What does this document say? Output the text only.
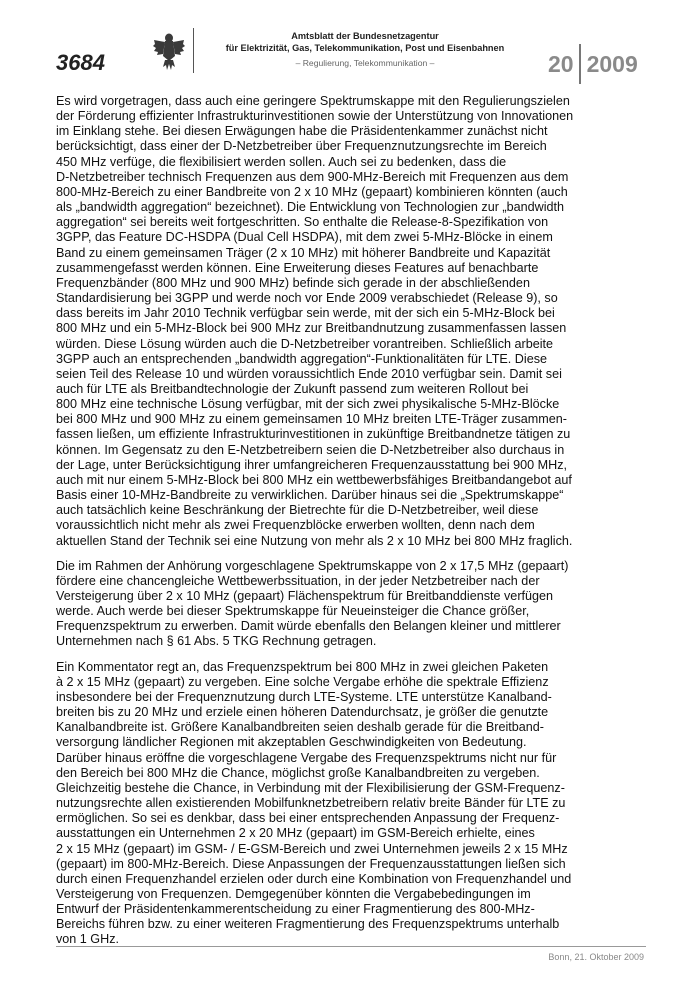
3684
Amtsblatt der Bundesnetzagentur
für Elektrizität, Gas, Telekommunikation, Post und Eisenbahnen
– Regulierung, Telekommunikation –	20 2009

Es wird vorgetragen, dass auch eine geringere Spektrumskappe mit den Regulierungszielen
der Förderung effizienter Infrastrukturinvestitionen sowie der Unterstützung von Innovationen
im Einklang stehe. Bei diesen Erwägungen habe die Präsidentenkammer zunächst nicht
berücksichtigt, dass einer der D-Netzbetreiber über Frequenznutzungsrechte im Bereich
450 MHz verfüge, die flexibilisiert werden sollen. Auch sei zu bedenken, dass die
D-Netzbetreiber technisch Frequenzen aus dem 900-MHz-Bereich mit Frequenzen aus dem
800-MHz-Bereich zu einer Bandbreite von 2 x 10 MHz (gepaart) kombinieren könnten (auch
als „bandwidth aggregation“ bezeichnet). Die Entwicklung von Technologien zur „bandwidth
aggregation“ sei bereits weit fortgeschritten. So enthalte die Release-8-Spezifikation von
3GPP, das Feature DC-HSDPA (Dual Cell HSDPA), mit dem zwei 5-MHz-Blöcke in einem
Band zu einem gemeinsamen Träger (2 x 10 MHz) mit höherer Bandbreite und Kapazität
zusammengefasst werden können. Eine Erweiterung dieses Features auf benachbarte
Frequenzbänder (800 MHz und 900 MHz) befinde sich gerade in der abschließenden
Standardisierung bei 3GPP und werde noch vor Ende 2009 verabschiedet (Release 9), so
dass bereits im Jahr 2010 Technik verfügbar sein werde, mit der sich ein 5-MHz-Block bei
800 MHz und ein 5-MHz-Block bei 900 MHz zur Breitbandnutzung zusammenfassen lassen
würden. Diese Lösung würden auch die D-Netzbetreiber vorantreiben. Schließlich arbeite
3GPP auch an entsprechenden „bandwidth aggregation“-Funktionalitäten für LTE. Diese
seien Teil des Release 10 und würden voraussichtlich Ende 2010 verfügbar sein. Damit sei
auch für LTE als Breitbandtechnologie der Zukunft passend zum weiteren Rollout bei
800 MHz eine technische Lösung verfügbar, mit der sich zwei physikalische 5-MHz-Blöcke
bei 800 MHz und 900 MHz zu einem gemeinsamen 10 MHz breiten LTE-Träger zusammen-
fassen ließen, um effiziente Infrastrukturinvestitionen in zukünftige Breitbandnetze tätigen zu
können. Im Gegensatz zu den E-Netzbetreibern seien die D-Netzbetreiber also durchaus in
der Lage, unter Berücksichtigung ihrer umfangreicheren Frequenzausstattung bei 900 MHz,
auch mit nur einem 5-MHz-Block bei 800 MHz ein wettbewerbsfähiges Breitbandangebot auf
Basis einer 10-MHz-Bandbreite zu verwirklichen. Darüber hinaus sei die „Spektrumskappe“
auch tatsächlich keine Beschränkung der Bietrechte für die D-Netzbetreiber, weil diese
voraussichtlich nicht mehr als zwei Frequenzblöcke erwerben wollten, denn nach dem
aktuellen Stand der Technik sei eine Nutzung von mehr als 2 x 10 MHz bei 800 MHz fraglich.

Die im Rahmen der Anhörung vorgeschlagene Spektrumskappe von 2 x 17,5 MHz (gepaart)
fördere eine chancengleiche Wettbewerbssituation, in der jeder Netzbetreiber nach der
Versteigerung über 2 x 10 MHz (gepaart) Flächenspektrum für Breitbanddienste verfügen
werde. Auch werde bei dieser Spektrumskappe für Neueinsteiger die Chance größer,
Frequenzspektrum zu erwerben. Damit würde ebenfalls den Belangen kleiner und mittlerer
Unternehmen nach § 61 Abs. 5 TKG Rechnung getragen.

Ein Kommentator regt an, das Frequenzspektrum bei 800 MHz in zwei gleichen Paketen
à 2 x 15 MHz (gepaart) zu vergeben. Eine solche Vergabe erhöhe die spektrale Effizienz
insbesondere bei der Frequenznutzung durch LTE-Systeme. LTE unterstütze Kanalband-
breiten bis zu 20 MHz und erziele einen höheren Datendurchsatz, je größer die genutzte
Kanalbandbreite ist. Größere Kanalbandbreiten seien deshalb gerade für die Breitband-
versorgung ländlicher Regionen mit akzeptablen Geschwindigkeiten von Bedeutung.
Darüber hinaus eröffne die vorgeschlagene Vergabe des Frequenzspektrums nicht nur für
den Bereich bei 800 MHz die Chance, möglichst große Kanalbandbreiten zu vergeben.
Gleichzeitig bestehe die Chance, in Verbindung mit der Flexibilisierung der GSM-Frequenz-
nutzungsrechte allen existierenden Mobilfunknetzbetreibern relativ breite Bänder für LTE zu
ermöglichen. So sei es denkbar, dass bei einer entsprechenden Anpassung der Frequenz-
ausstattungen ein Unternehmen 2 x 20 MHz (gepaart) im GSM-Bereich erhielte, eines
2 x 15 MHz (gepaart) im GSM- / E-GSM-Bereich und zwei Unternehmen jeweils 2 x 15 MHz
(gepaart) im 800-MHz-Bereich. Diese Anpassungen der Frequenzausstattungen ließen sich
durch einen Frequenzhandel erzielen oder durch eine Kombination von Frequenzhandel und
Versteigerung von Frequenzen. Demgegenüber könnten die Vergabebedingungen im
Entwurf der Präsidentenkammerentscheidung zu einer Fragmentierung des 800-MHz-
Bereichs führen bzw. zu einer weiteren Fragmentierung des Frequenzspektrums unterhalb
von 1 GHz.

Bonn, 21. Oktober 2009
